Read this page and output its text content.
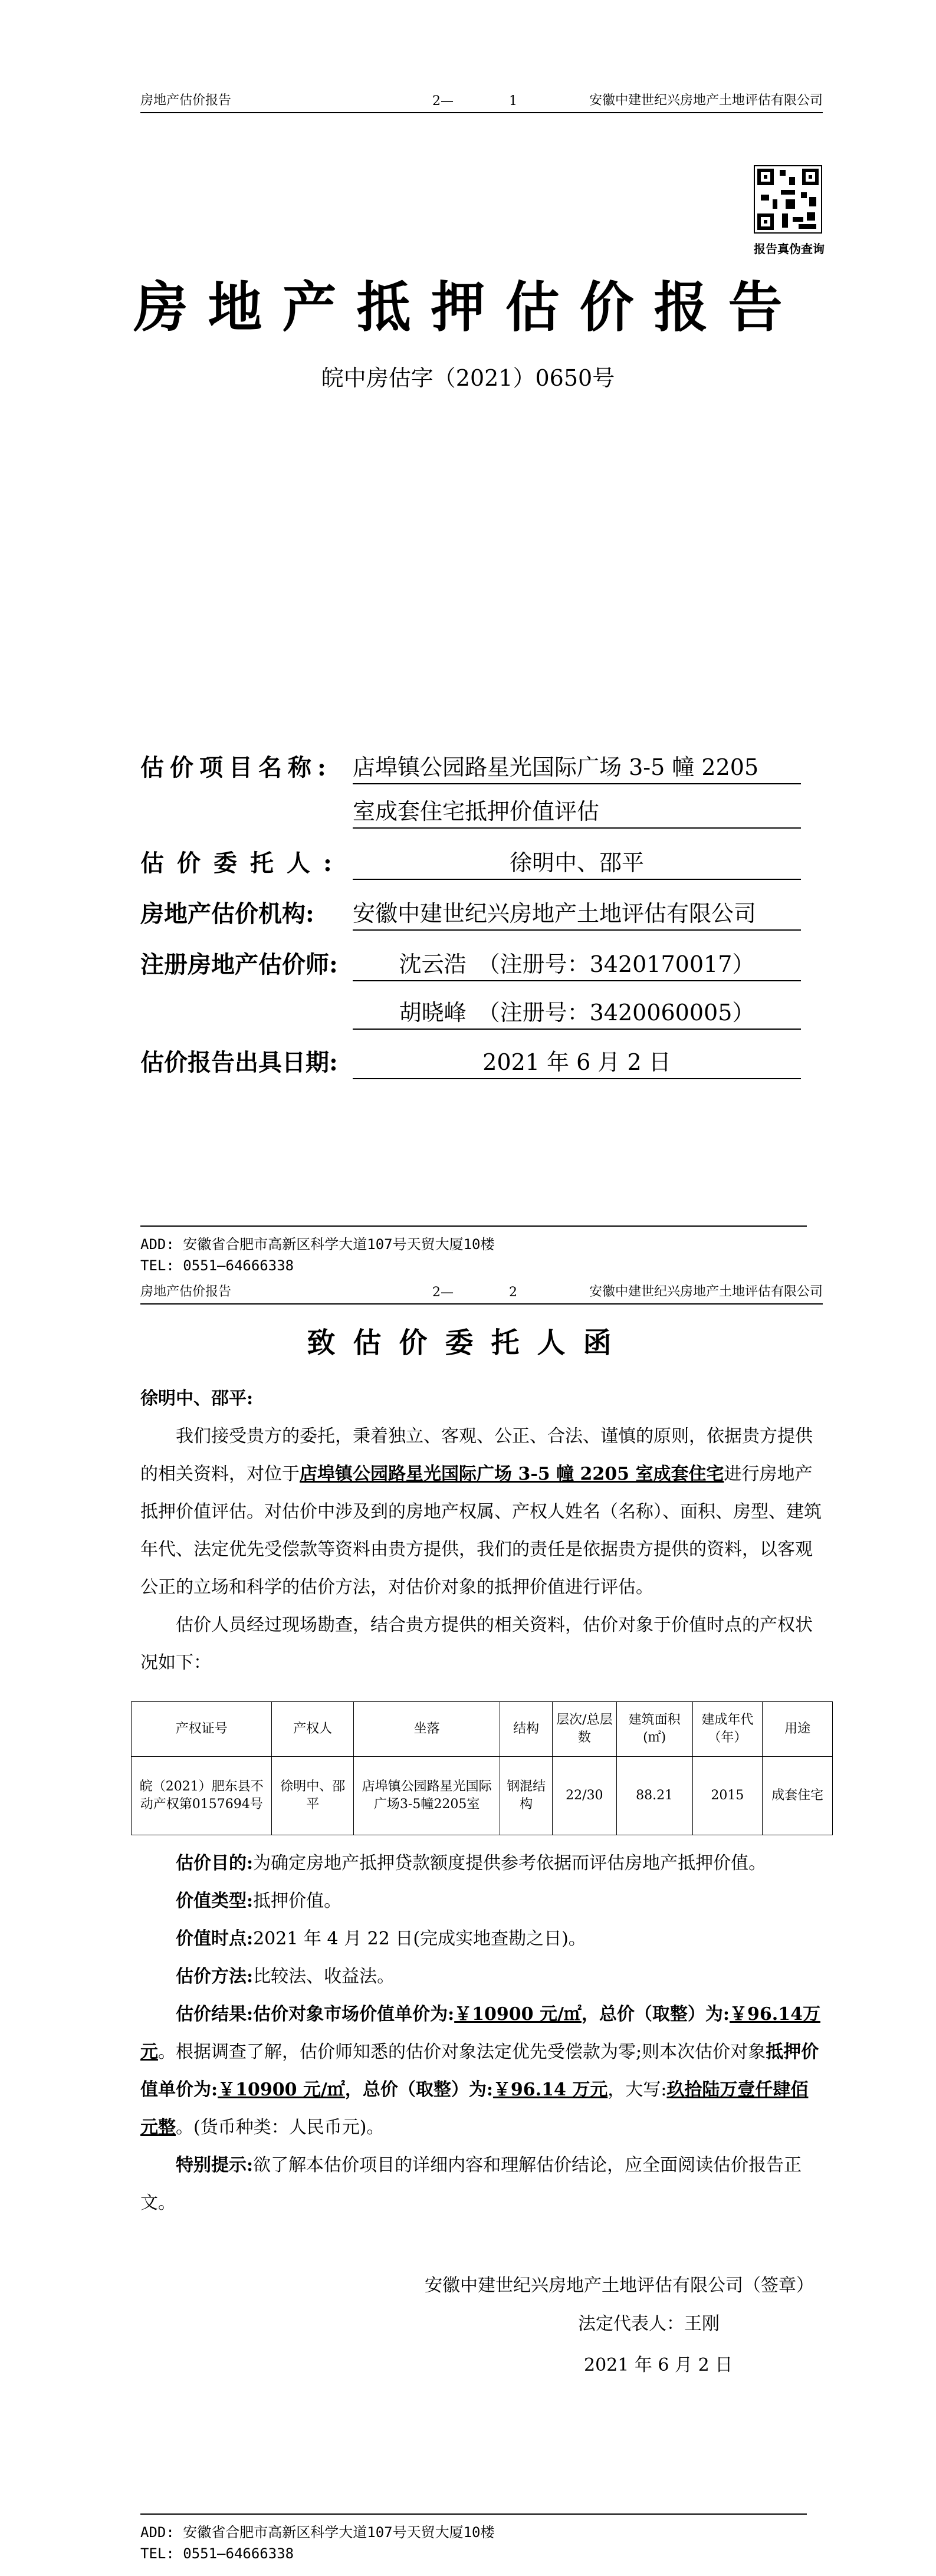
房地产估价报告	2—	1	安徽中建世纪兴房地产土地评估有限公司
报告真伪查询
房地产抵押估价报告
皖中房估字（2021）0650号
估价项目名称: 店埠镇公园路星光国际广场 3-5 幢 2205
室成套住宅抵押价值评估
估价委托人:	徐明中、邵平
房地产估价机构: 安徽中建世纪兴房地产土地评估有限公司
注册房地产估价师:	沈云浩　（注册号：3420170017）
胡晓峰　（注册号：3420060005）
估价报告出具日期:	2021 年 6 月 2 日
ADD: 安徽省合肥市高新区科学大道107号天贸大厦10楼
TEL: 0551—64666338
房地产估价报告	2—	2	安徽中建世纪兴房地产土地评估有限公司
致估价委托人函

徐明中、邵平:

我们接受贵方的委托，秉着独立、客观、公正、合法、谨慎的原则，依据贵方提供的相关资料，对位于店埠镇公园路星光国际广场 3-5 幢 2205 室成套住宅进行房地产抵押价值评估。对估价中涉及到的房地产权属、产权人姓名（名称）、面积、房型、建筑年代、法定优先受偿款等资料由贵方提供，我们的责任是依据贵方提供的资料，以客观公正的立场和科学的估价方法，对估价对象的抵押价值进行评估。

估价人员经过现场勘查，结合贵方提供的相关资料，估价对象于价值时点的产权状况如下：

产权证号	产权人	坐落	结构	层次/总层数	建筑面积(㎡)	建成年代（年）	用途
皖（2021）肥东县不动产权第0157694号	徐明中、邵平	店埠镇公园路星光国际广场3-5幢2205室	钢混结构	22/30	88.21	2015	成套住宅

估价目的:为确定房地产抵押贷款额度提供参考依据而评估房地产抵押价值。

价值类型:抵押价值。

价值时点:2021 年 4 月 22 日(完成实地查勘之日)。

估价方法:比较法、收益法。

估价结果:估价对象市场价值单价为:￥10900 元/㎡，总价（取整）为:￥96.14万元。根据调查了解，估价师知悉的估价对象法定优先受偿款为零;则本次估价对象抵押价值单价为:￥10900 元/㎡，总价（取整）为:￥96.14 万元，大写:玖拾陆万壹仟肆佰元整。(货币种类：人民币元)。

特别提示:欲了解本估价项目的详细内容和理解估价结论，应全面阅读估价报告正文。

安徽中建世纪兴房地产土地评估有限公司（签章）
法定代表人：王刚
2021 年 6 月 2 日
ADD: 安徽省合肥市高新区科学大道107号天贸大厦10楼
TEL: 0551—64666338
